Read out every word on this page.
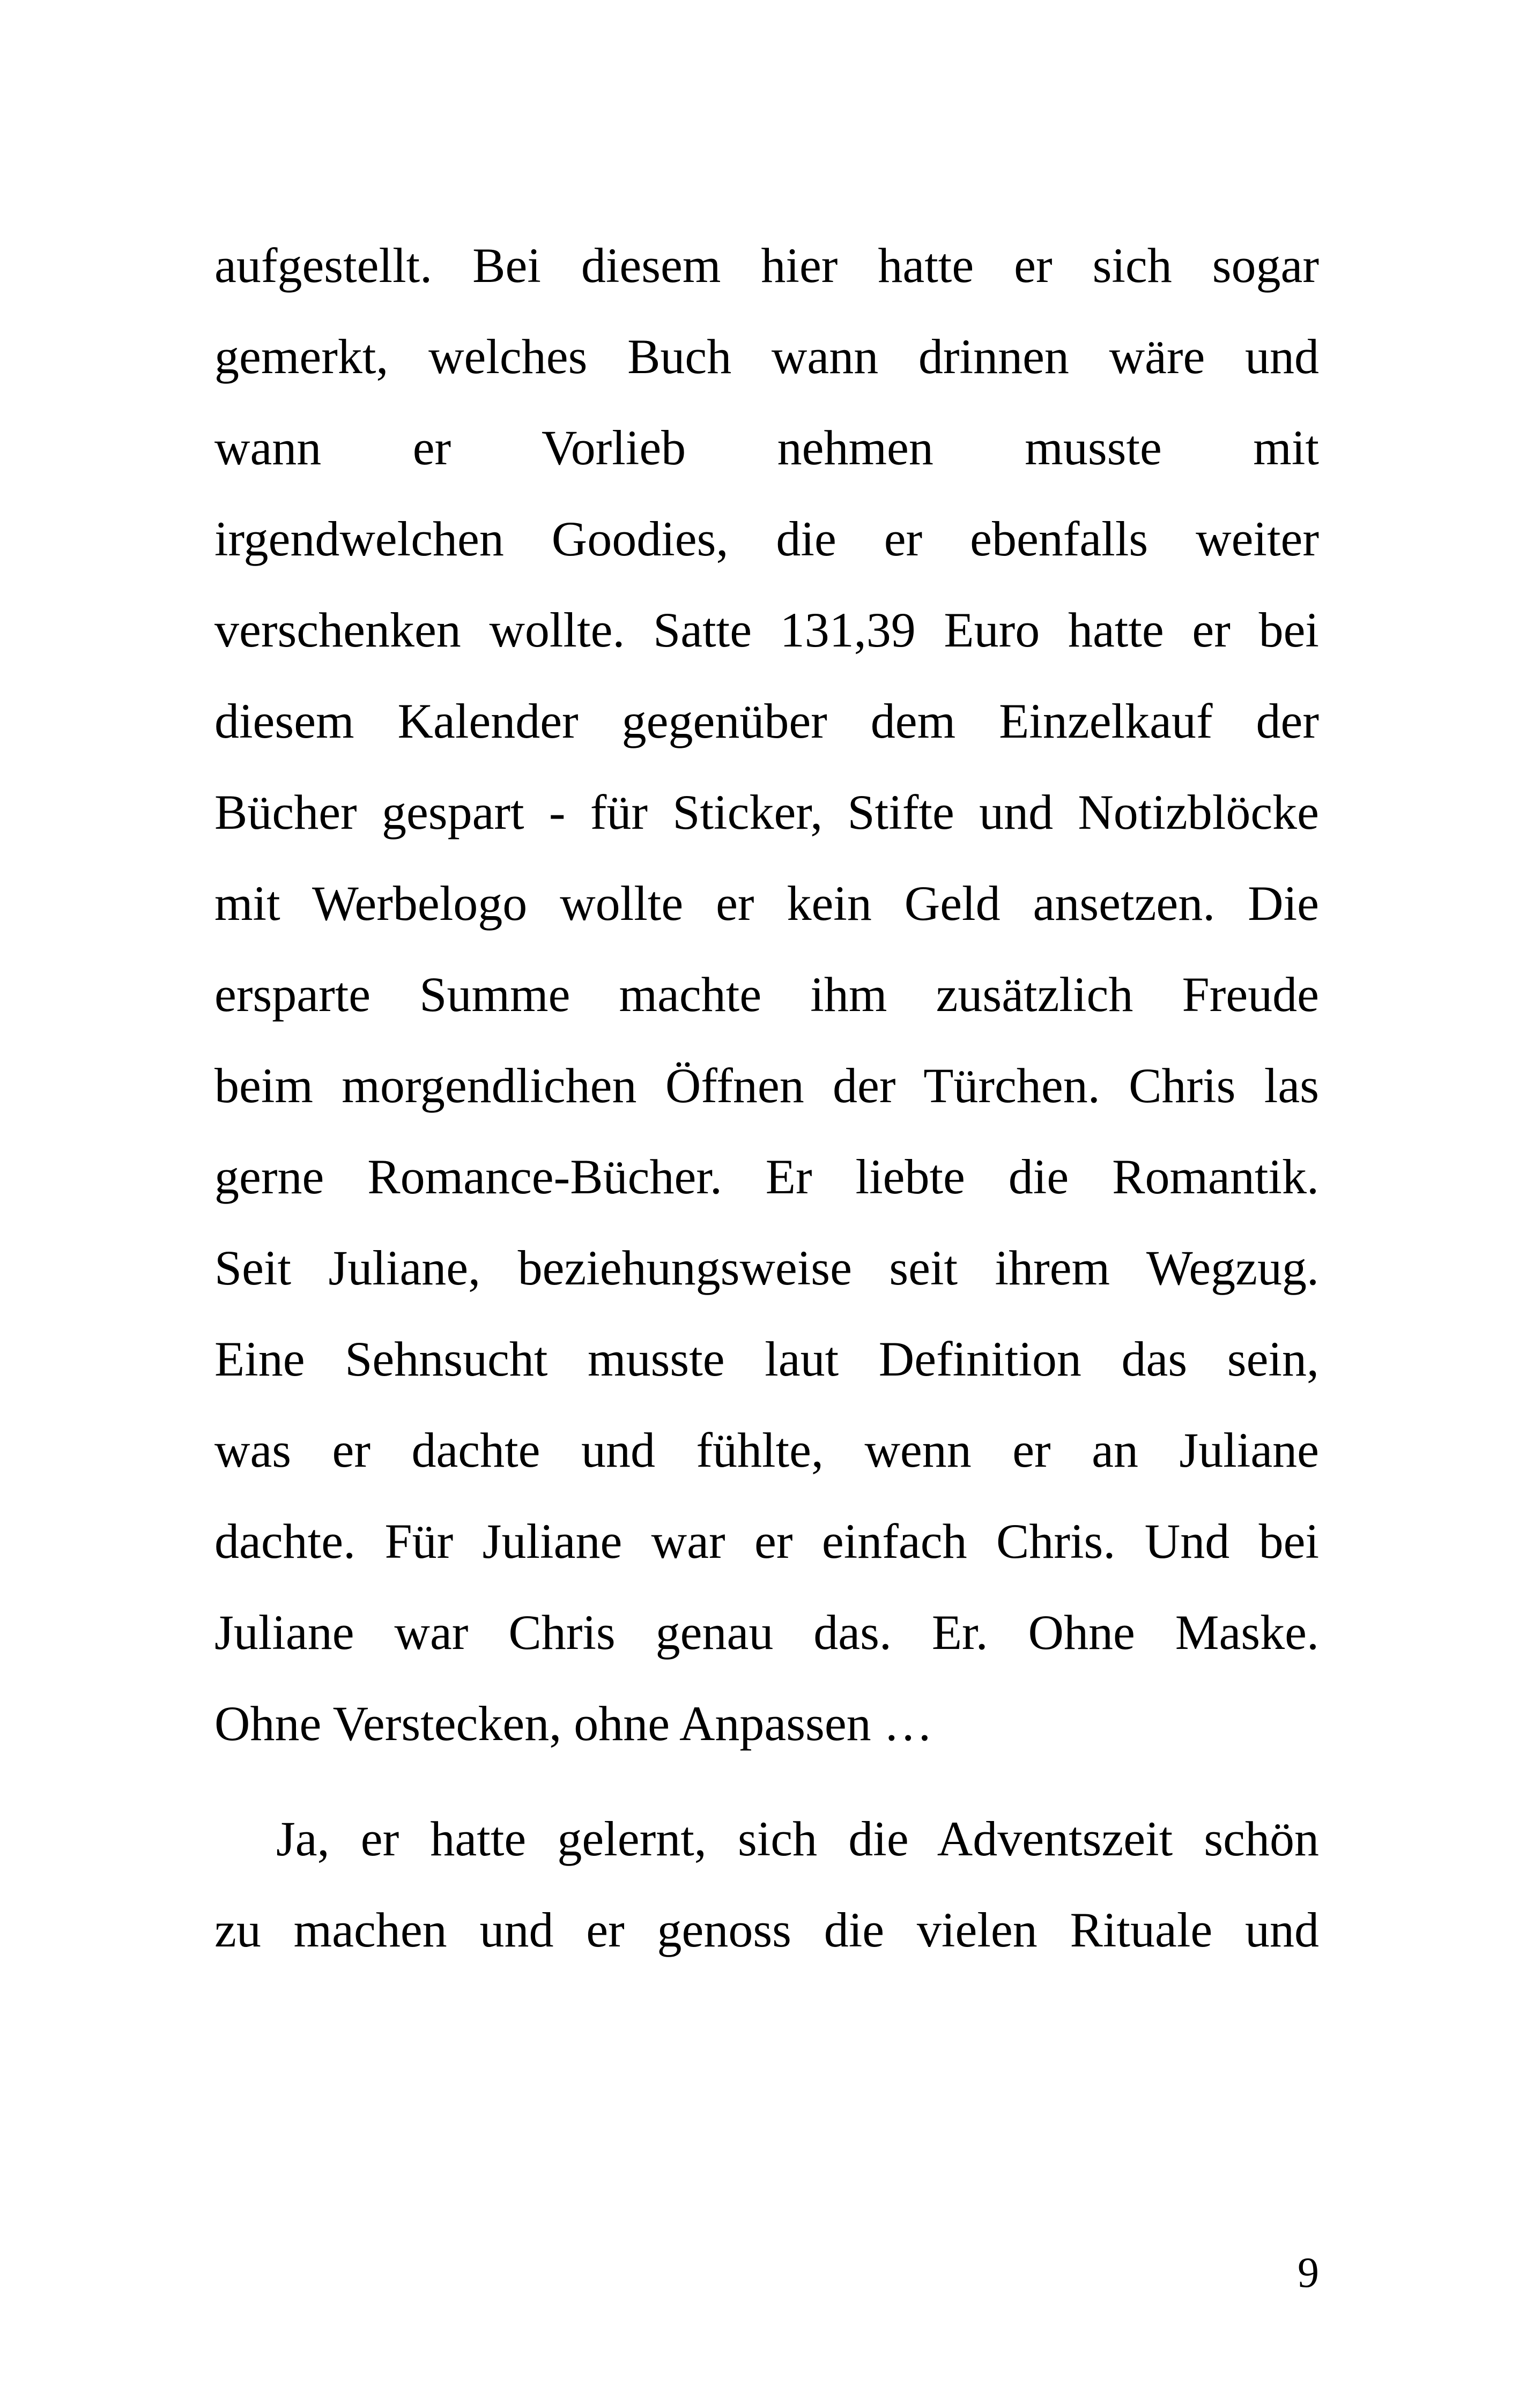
aufgestellt. Bei diesem hier hatte er sich sogar
gemerkt, welches Buch wann drinnen wäre und
wann er Vorlieb nehmen musste mit
irgendwelchen Goodies, die er ebenfalls weiter
verschenken wollte. Satte 131,39 Euro hatte er bei
diesem Kalender gegenüber dem Einzelkauf der
Bücher gespart - für Sticker, Stifte und Notizblöcke
mit Werbelogo wollte er kein Geld ansetzen. Die
ersparte Summe machte ihm zusätzlich Freude
beim morgendlichen Öffnen der Türchen. Chris las
gerne Romance-Bücher. Er liebte die Romantik.
Seit Juliane, beziehungsweise seit ihrem Wegzug.
Eine Sehnsucht musste laut Definition das sein,
was er dachte und fühlte, wenn er an Juliane
dachte. Für Juliane war er einfach Chris. Und bei
Juliane war Chris genau das. Er. Ohne Maske.
Ohne Verstecken, ohne Anpassen …
Ja, er hatte gelernt, sich die Adventszeit schön
zu machen und er genoss die vielen Rituale und
9
